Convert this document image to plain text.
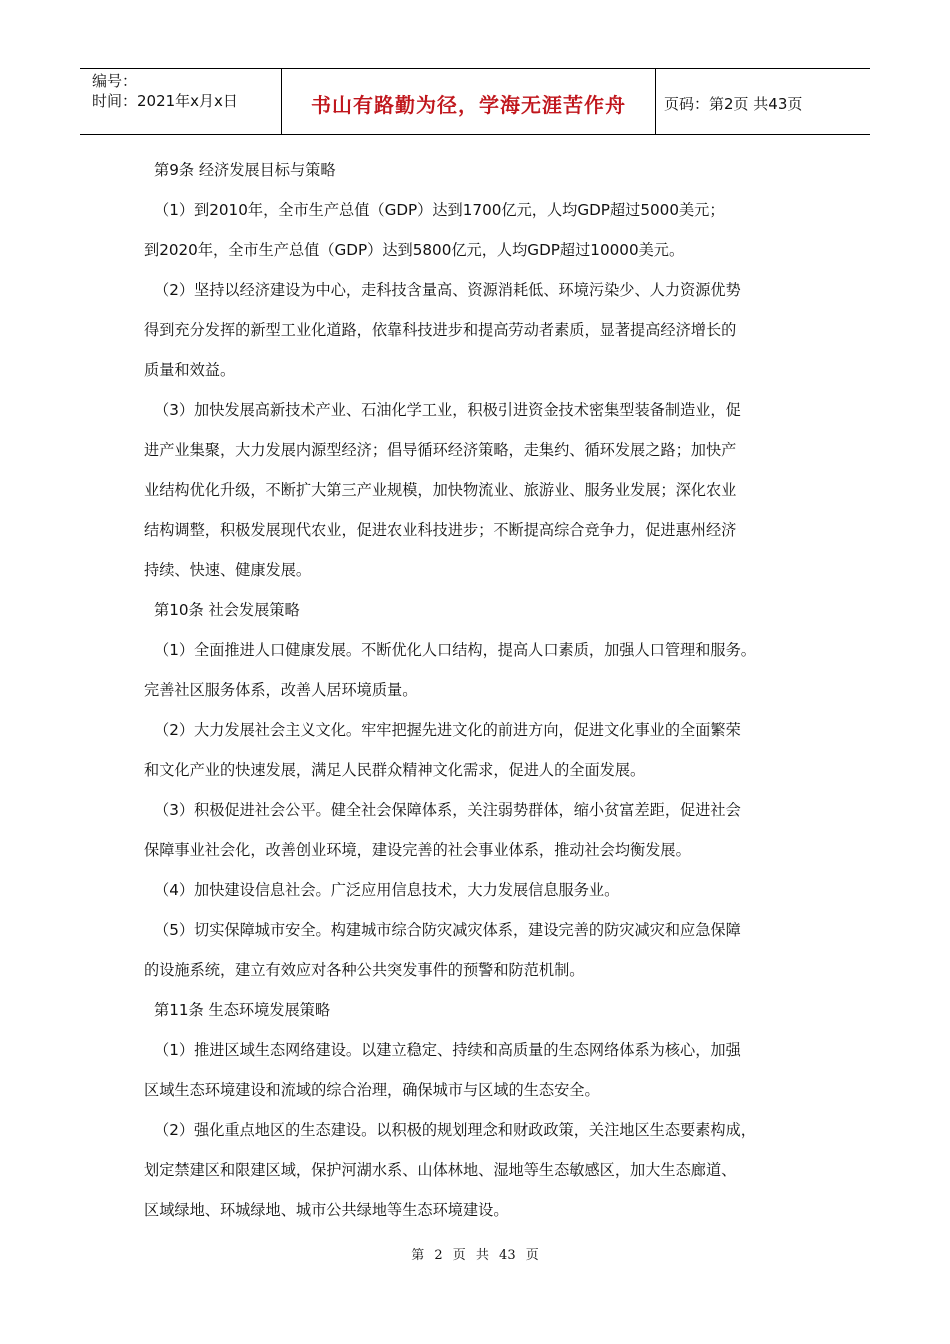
编号：
时间：2021年x月x日	书山有路勤为径，学海无涯苦作舟	页码：第2页 共43页
第9条 经济发展目标与策略
（1）到2010年，全市生产总值（GDP）达到1700亿元，人均GDP超过5000美元；
到2020年，全市生产总值（GDP）达到5800亿元，人均GDP超过10000美元。
（2）坚持以经济建设为中心，走科技含量高、资源消耗低、环境污染少、人力资源优势
得到充分发挥的新型工业化道路，依靠科技进步和提高劳动者素质，显著提高经济增长的
质量和效益。
（3）加快发展高新技术产业、石油化学工业，积极引进资金技术密集型装备制造业，促
进产业集聚，大力发展内源型经济；倡导循环经济策略，走集约、循环发展之路；加快产
业结构优化升级，不断扩大第三产业规模，加快物流业、旅游业、服务业发展；深化农业
结构调整，积极发展现代农业，促进农业科技进步；不断提高综合竞争力，促进惠州经济
持续、快速、健康发展。
第10条 社会发展策略
（1）全面推进人口健康发展。不断优化人口结构，提高人口素质，加强人口管理和服务。
完善社区服务体系，改善人居环境质量。
（2）大力发展社会主义文化。牢牢把握先进文化的前进方向，促进文化事业的全面繁荣
和文化产业的快速发展，满足人民群众精神文化需求，促进人的全面发展。
（3）积极促进社会公平。健全社会保障体系，关注弱势群体，缩小贫富差距，促进社会
保障事业社会化，改善创业环境，建设完善的社会事业体系，推动社会均衡发展。
（4）加快建设信息社会。广泛应用信息技术，大力发展信息服务业。
（5）切实保障城市安全。构建城市综合防灾减灾体系，建设完善的防灾减灾和应急保障
的设施系统，建立有效应对各种公共突发事件的预警和防范机制。
第11条 生态环境发展策略
（1）推进区域生态网络建设。以建立稳定、持续和高质量的生态网络体系为核心，加强
区域生态环境建设和流域的综合治理，确保城市与区域的生态安全。
（2）强化重点地区的生态建设。以积极的规划理念和财政政策，关注地区生态要素构成，
划定禁建区和限建区域，保护河湖水系、山体林地、湿地等生态敏感区，加大生态廊道、
区域绿地、环城绿地、城市公共绿地等生态环境建设。
第 2 页 共 43 页
